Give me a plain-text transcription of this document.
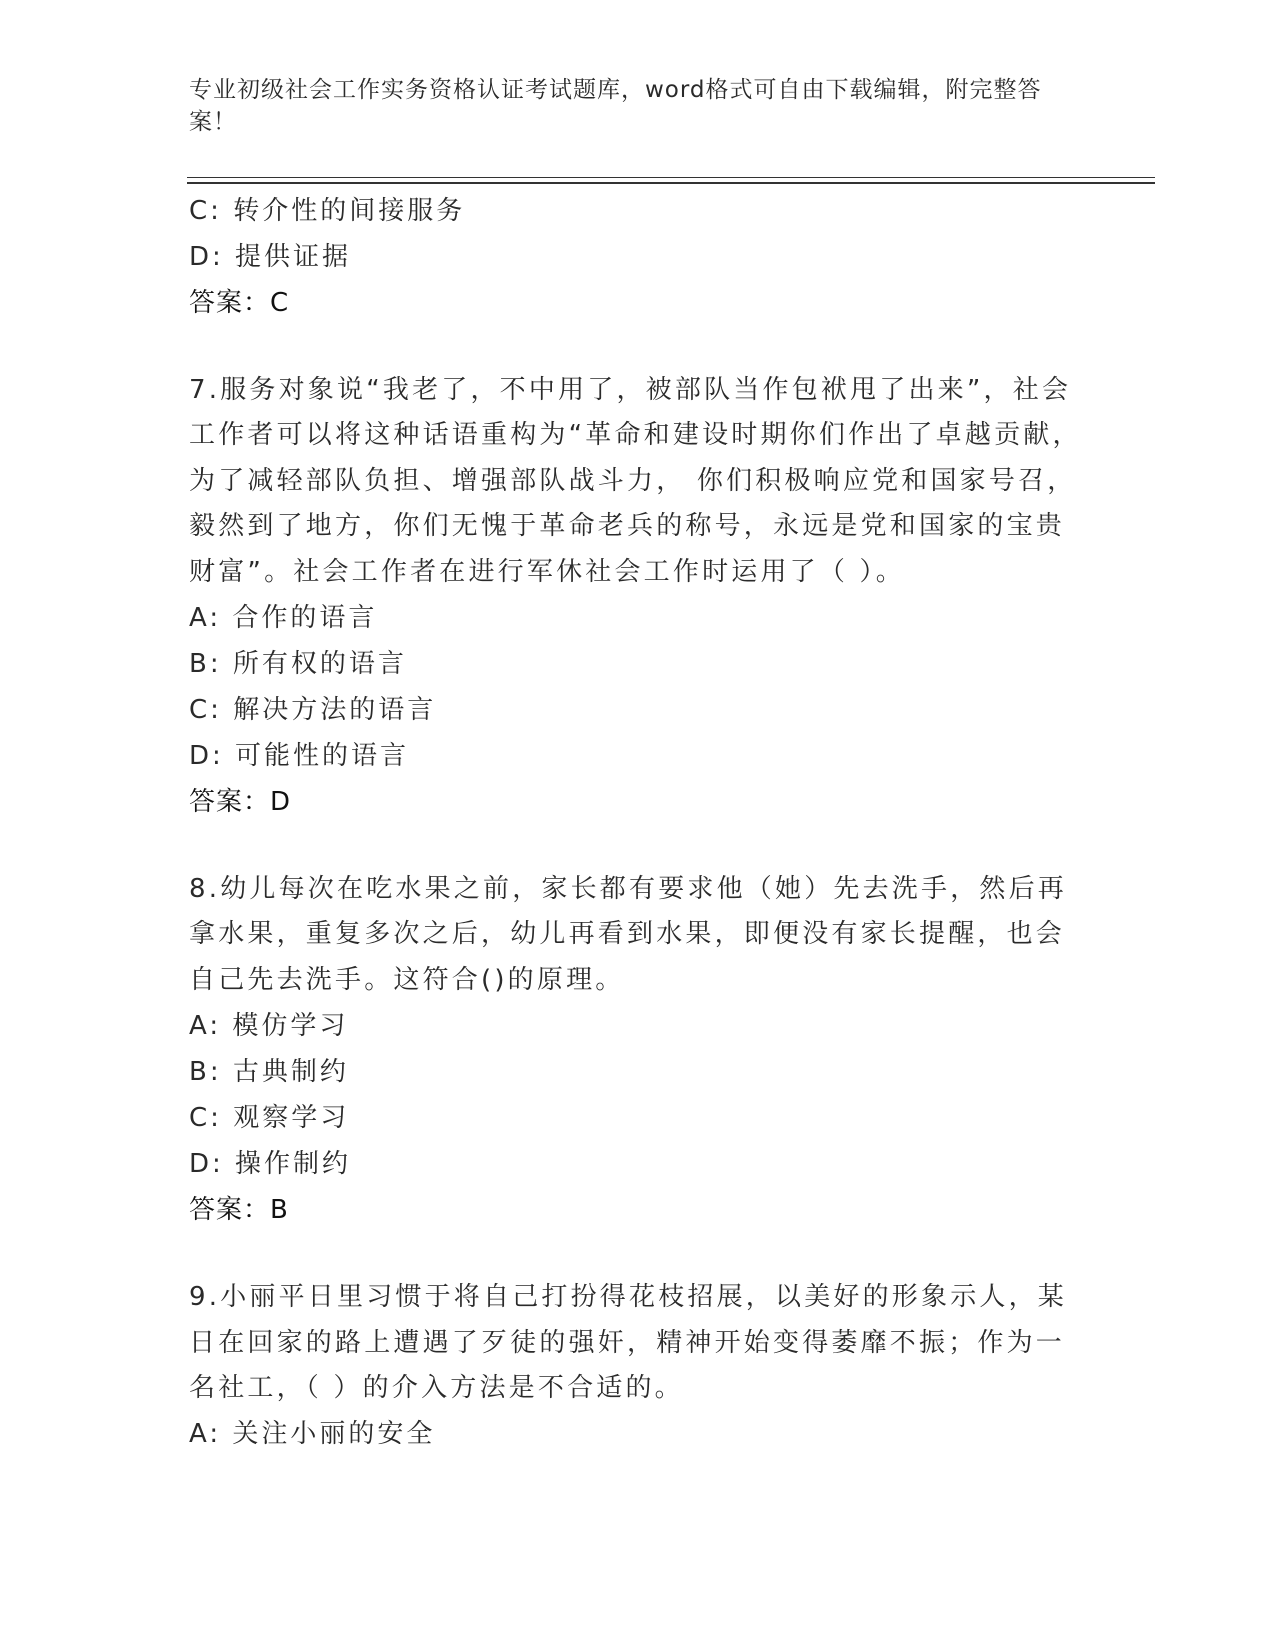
专业初级社会工作实务资格认证考试题库，word格式可自由下载编辑，附完整答案！
C: 转介性的间接服务
D: 提供证据
答案：C
7.服务对象说“我老了，不中用了，被部队当作包袱甩了出来”，社会工作者可以将这种话语重构为“革命和建设时期你们作出了卓越贡献，为了减轻部队负担、增强部队战斗力， 你们积极响应党和国家号召，毅然到了地方，你们无愧于革命老兵的称号，永远是党和国家的宝贵财富”。社会工作者在进行军休社会工作时运用了（ ）。
A: 合作的语言
B: 所有权的语言
C: 解决方法的语言
D: 可能性的语言
答案：D
8.幼儿每次在吃水果之前，家长都有要求他（她）先去洗手，然后再拿水果，重复多次之后，幼儿再看到水果，即便没有家长提醒，也会自己先去洗手。这符合()的原理。
A: 模仿学习
B: 古典制约
C: 观察学习
D: 操作制约
答案：B
9.小丽平日里习惯于将自己打扮得花枝招展，以美好的形象示人，某日在回家的路上遭遇了歹徒的强奸，精神开始变得萎靡不振；作为一名社工，（ ）的介入方法是不合适的。
A: 关注小丽的安全
